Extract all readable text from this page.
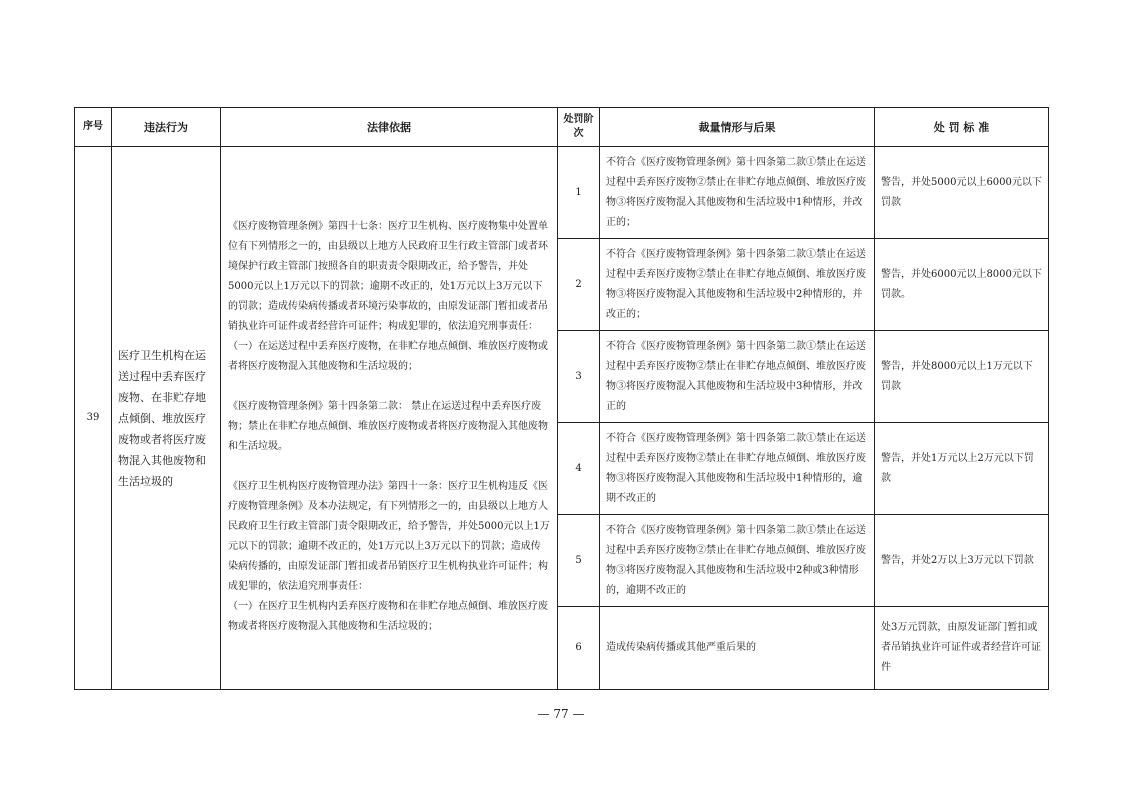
序号	违法行为	法律依据	处罚阶次	裁量情形与后果	处 罚 标 准
39	医疗卫生机构在运送过程中丢弃医疗废物、在非贮存地点倾倒、堆放医疗废物或者将医疗废物混入其他废物和生活垃圾的	《医疗废物管理条例》第四十七条：医疗卫生机构、医疗废物集中处置单位有下列情形之一的，由县级以上地方人民政府卫生行政主管部门或者环境保护行政主管部门按照各自的职责责令限期改正，给予警告，并处5000元以上1万元以下的罚款；逾期不改正的，处1万元以上3万元以下的罚款；造成传染病传播或者环境污染事故的，由原发证部门暂扣或者吊销执业许可证件或者经营许可证件；构成犯罪的，依法追究刑事责任：

（一）在运送过程中丢弃医疗废物，在非贮存地点倾倒、堆放医疗废物或者将医疗废物混入其他废物和生活垃圾的；

《医疗废物管理条例》第十四条第二款： 禁止在运送过程中丢弃医疗废物；禁止在非贮存地点倾倒、堆放医疗废物或者将医疗废物混入其他废物和生活垃圾。

《医疗卫生机构医疗废物管理办法》第四十一条：医疗卫生机构违反《医疗废物管理条例》及本办法规定，有下列情形之一的，由县级以上地方人民政府卫生行政主管部门责令限期改正，给予警告，并处5000元以上1万元以下的罚款；逾期不改正的，处1万元以上3万元以下的罚款；造成传染病传播的，由原发证部门暂扣或者吊销医疗卫生机构执业许可证件；构成犯罪的，依法追究刑事责任：

（一）在医疗卫生机构内丢弃医疗废物和在非贮存地点倾倒、堆放医疗废物或者将医疗废物混入其他废物和生活垃圾的；	1	不符合《医疗废物管理条例》第十四条第二款①禁止在运送过程中丢弃医疗废物②禁止在非贮存地点倾倒、堆放医疗废物③将医疗废物混入其他废物和生活垃圾中1种情形，并改正的；	警告，并处5000元以上6000元以下罚款
			2	不符合《医疗废物管理条例》第十四条第二款①禁止在运送过程中丢弃医疗废物②禁止在非贮存地点倾倒、堆放医疗废物③将医疗废物混入其他废物和生活垃圾中2种情形的，并改正的；	警告，并处6000元以上8000元以下罚款。
			3	不符合《医疗废物管理条例》第十四条第二款①禁止在运送过程中丢弃医疗废物②禁止在非贮存地点倾倒、堆放医疗废物③将医疗废物混入其他废物和生活垃圾中3种情形，并改正的	警告，并处8000元以上1万元以下罚款
			4	不符合《医疗废物管理条例》第十四条第二款①禁止在运送过程中丢弃医疗废物②禁止在非贮存地点倾倒、堆放医疗废物③将医疗废物混入其他废物和生活垃圾中1种情形的，逾期不改正的	警告，并处1万元以上2万元以下罚款
			5	不符合《医疗废物管理条例》第十四条第二款①禁止在运送过程中丢弃医疗废物②禁止在非贮存地点倾倒、堆放医疗废物③将医疗废物混入其他废物和生活垃圾中2种或3种情形的，逾期不改正的	警告，并处2万以上3万元以下罚款
			6	造成传染病传播或其他严重后果的	处3万元罚款，由原发证部门暂扣或者吊销执业许可证件或者经营许可证件
— 77 —
